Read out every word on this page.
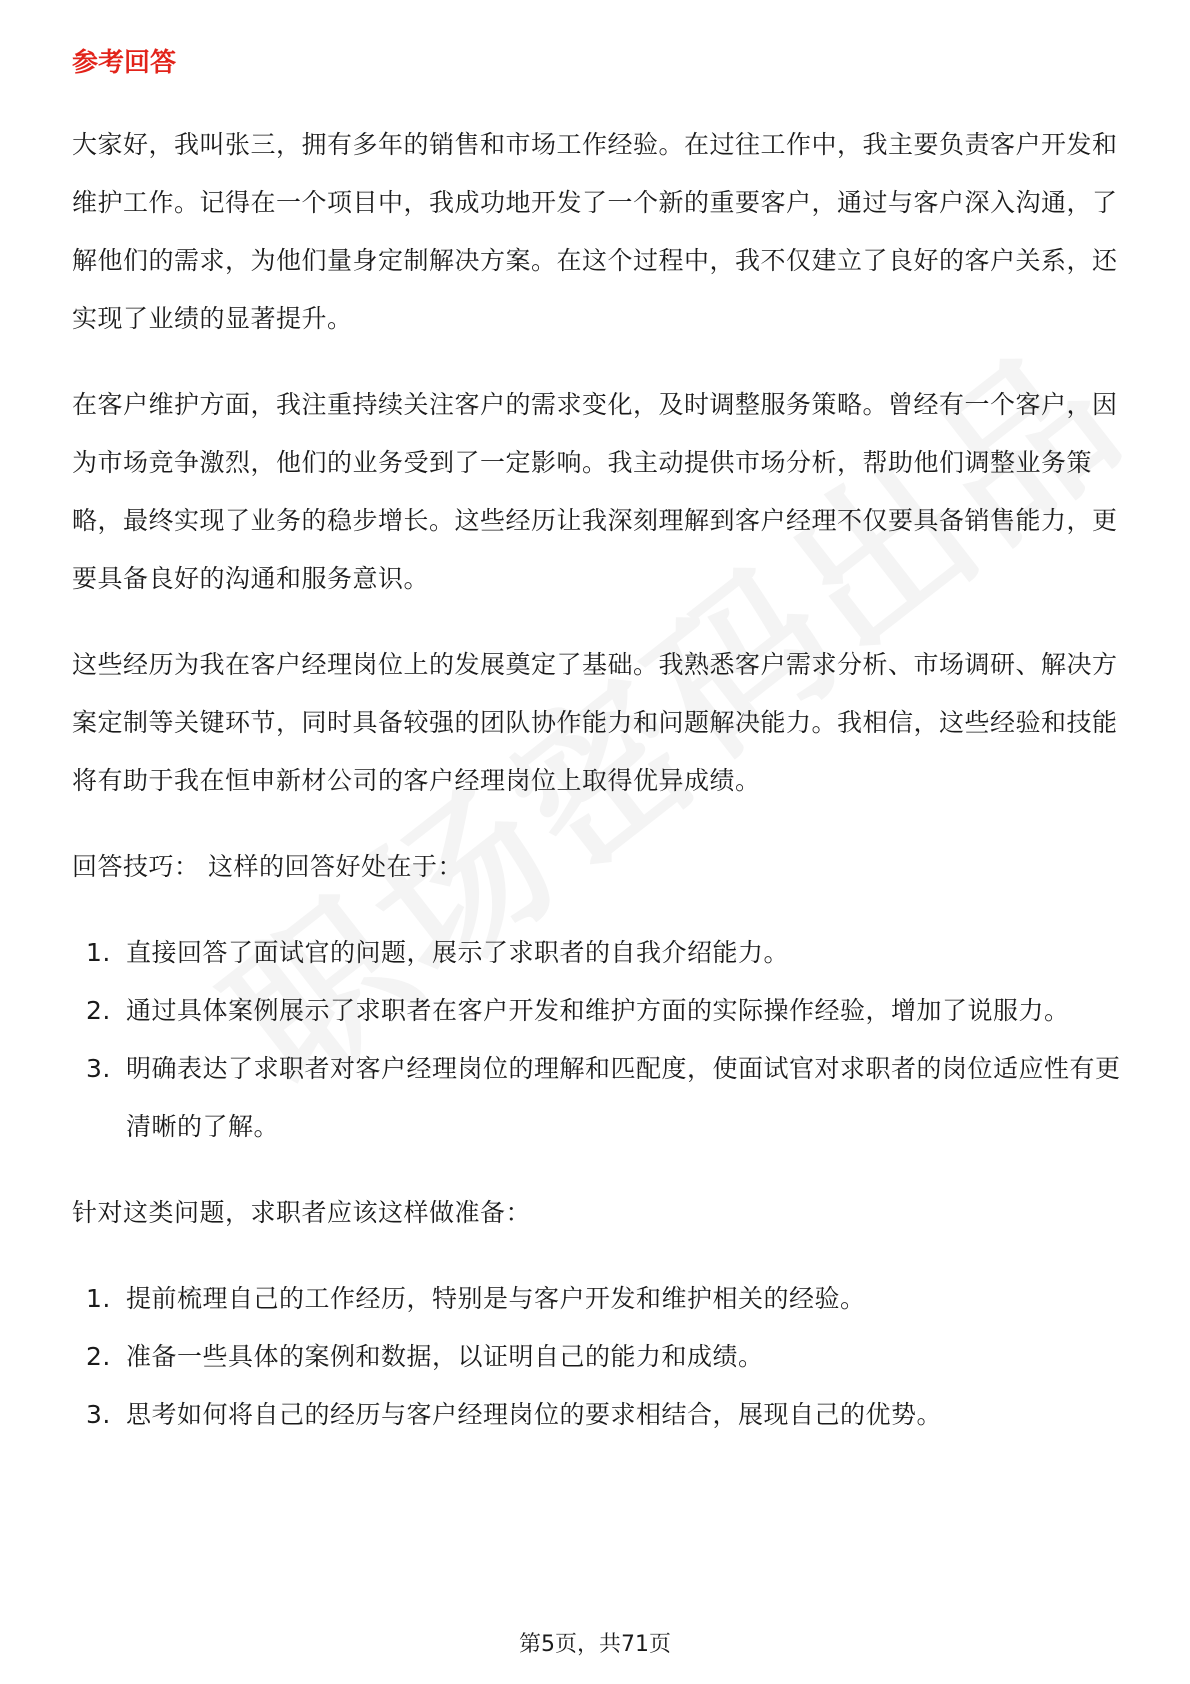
参考回答

大家好，我叫张三，拥有多年的销售和市场工作经验。在过往工作中，我主要负责客户开发和维护工作。记得在一个项目中，我成功地开发了一个新的重要客户，通过与客户深入沟通，了解他们的需求，为他们量身定制解决方案。在这个过程中，我不仅建立了良好的客户关系，还实现了业绩的显著提升。

在客户维护方面，我注重持续关注客户的需求变化，及时调整服务策略。曾经有一个客户，因为市场竞争激烈，他们的业务受到了一定影响。我主动提供市场分析，帮助他们调整业务策略，最终实现了业务的稳步增长。这些经历让我深刻理解到客户经理不仅要具备销售能力，更要具备良好的沟通和服务意识。

这些经历为我在客户经理岗位上的发展奠定了基础。我熟悉客户需求分析、市场调研、解决方案定制等关键环节，同时具备较强的团队协作能力和问题解决能力。我相信，这些经验和技能将有助于我在恒申新材公司的客户经理岗位上取得优异成绩。

回答技巧： 这样的回答好处在于：

1. 直接回答了面试官的问题，展示了求职者的自我介绍能力。
2. 通过具体案例展示了求职者在客户开发和维护方面的实际操作经验，增加了说服力。
3. 明确表达了求职者对客户经理岗位的理解和匹配度，使面试官对求职者的岗位适应性有更清晰的了解。

针对这类问题，求职者应该这样做准备：

1. 提前梳理自己的工作经历，特别是与客户开发和维护相关的经验。
2. 准备一些具体的案例和数据，以证明自己的能力和成绩。
3. 思考如何将自己的经历与客户经理岗位的要求相结合，展现自己的优势。
第5页，共71页
